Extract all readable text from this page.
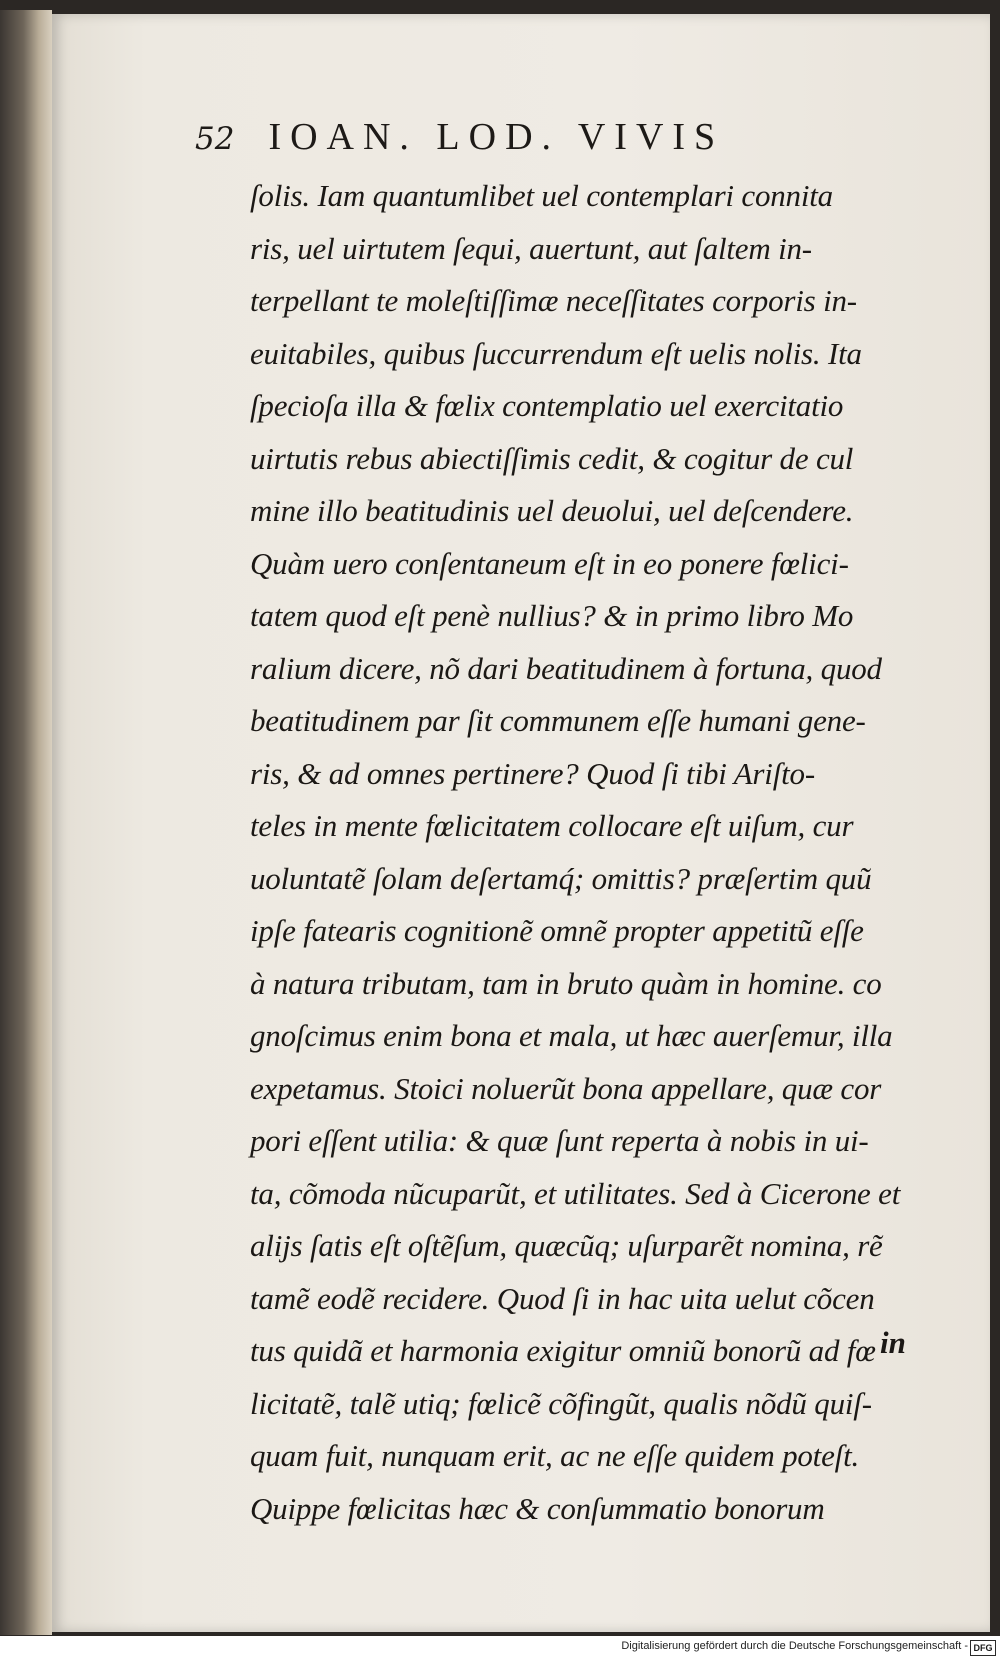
52 IOAN. LOD. VIVIS
ſolis. Iam quantumlibet uel contemplari connita
ris, uel uirtutem ſequi, auertunt, aut ſaltem in-
terpellant te moleſtiſſimæ neceſſitates corporis in-
euitabiles, quibus ſuccurrendum eſt uelis nolis. Ita
ſpecioſa illa & fœlix contemplatio uel exercitatio
uirtutis rebus abiectiſſimis cedit, & cogitur de cul
mine illo beatitudinis uel deuolui, uel deſcendere.
Quàm uero conſentaneum eſt in eo ponere fœlici-
tatem quod eſt penè nullius? & in primo libro Mo
ralium dicere, nõ dari beatitudinem à fortuna, quod
beatitudinem par ſit communem eſſe humani gene-
ris, & ad omnes pertinere? Quod ſi tibi Ariſto-
teles in mente fœlicitatem collocare eſt uiſum, cur
uoluntatẽ ſolam deſertamq́; omittis? præſertim quũ
ipſe fatearis cognitionẽ omnẽ propter appetitũ eſſe
à natura tributam, tam in bruto quàm in homine. co
gnoſcimus enim bona et mala, ut hæc auerſemur, illa
expetamus. Stoici noluerũt bona appellare, quæ cor
pori eſſent utilia: & quæ ſunt reperta à nobis in ui-
ta, cõmoda nũcuparũt, et utilitates. Sed à Cicerone et
alijs ſatis eſt oſtẽſum, quæcũq; uſurparẽt nomina, rẽ
tamẽ eodẽ recidere. Quod ſi in hac uita uelut cõcen
tus quidã et harmonia exigitur omniũ bonorũ ad fœ
licitatẽ, talẽ utiq; fœlicẽ cõfingũt, qualis nõdũ quiſ-
quam fuit, nunquam erit, ac ne eſſe quidem poteſt.
Quippe fœlicitas hæc & conſummatio bonorum
in
Digitalisierung gefördert durch die Deutsche Forschungsgemeinschaft - DFG
